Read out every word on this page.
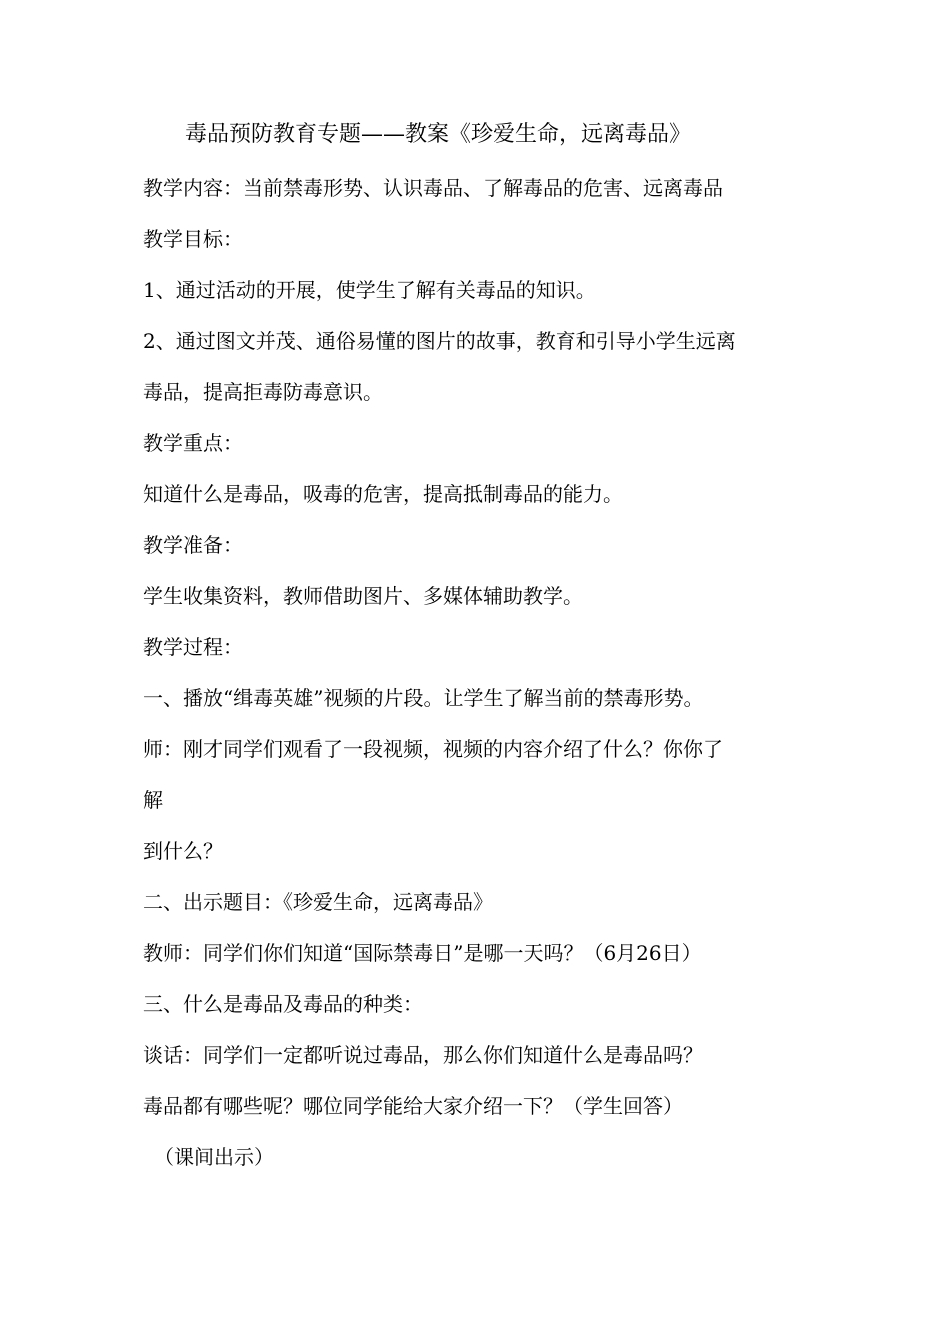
毒品预防教育专题——教案《珍爱生命，远离毒品》
教学内容：当前禁毒形势、认识毒品、了解毒品的危害、远离毒品
教学目标：
1、通过活动的开展，使学生了解有关毒品的知识。
2、通过图文并茂、通俗易懂的图片的故事，教育和引导小学生远离
毒品，提高拒毒防毒意识。
教学重点：
知道什么是毒品，吸毒的危害，提高抵制毒品的能力。
教学准备：
学生收集资料，教师借助图片、多媒体辅助教学。
教学过程：
一、播放“缉毒英雄”视频的片段。让学生了解当前的禁毒形势。
师：刚才同学们观看了一段视频，视频的内容介绍了什么？你你了
解
到什么？
二、出示题目：《珍爱生命，远离毒品》
教师：同学们你们知道“国际禁毒日”是哪一天吗？（6月26日）
三、什么是毒品及毒品的种类：
谈话：同学们一定都听说过毒品，那么你们知道什么是毒品吗？
毒品都有哪些呢？哪位同学能给大家介绍一下？（学生回答）
（课间出示）
